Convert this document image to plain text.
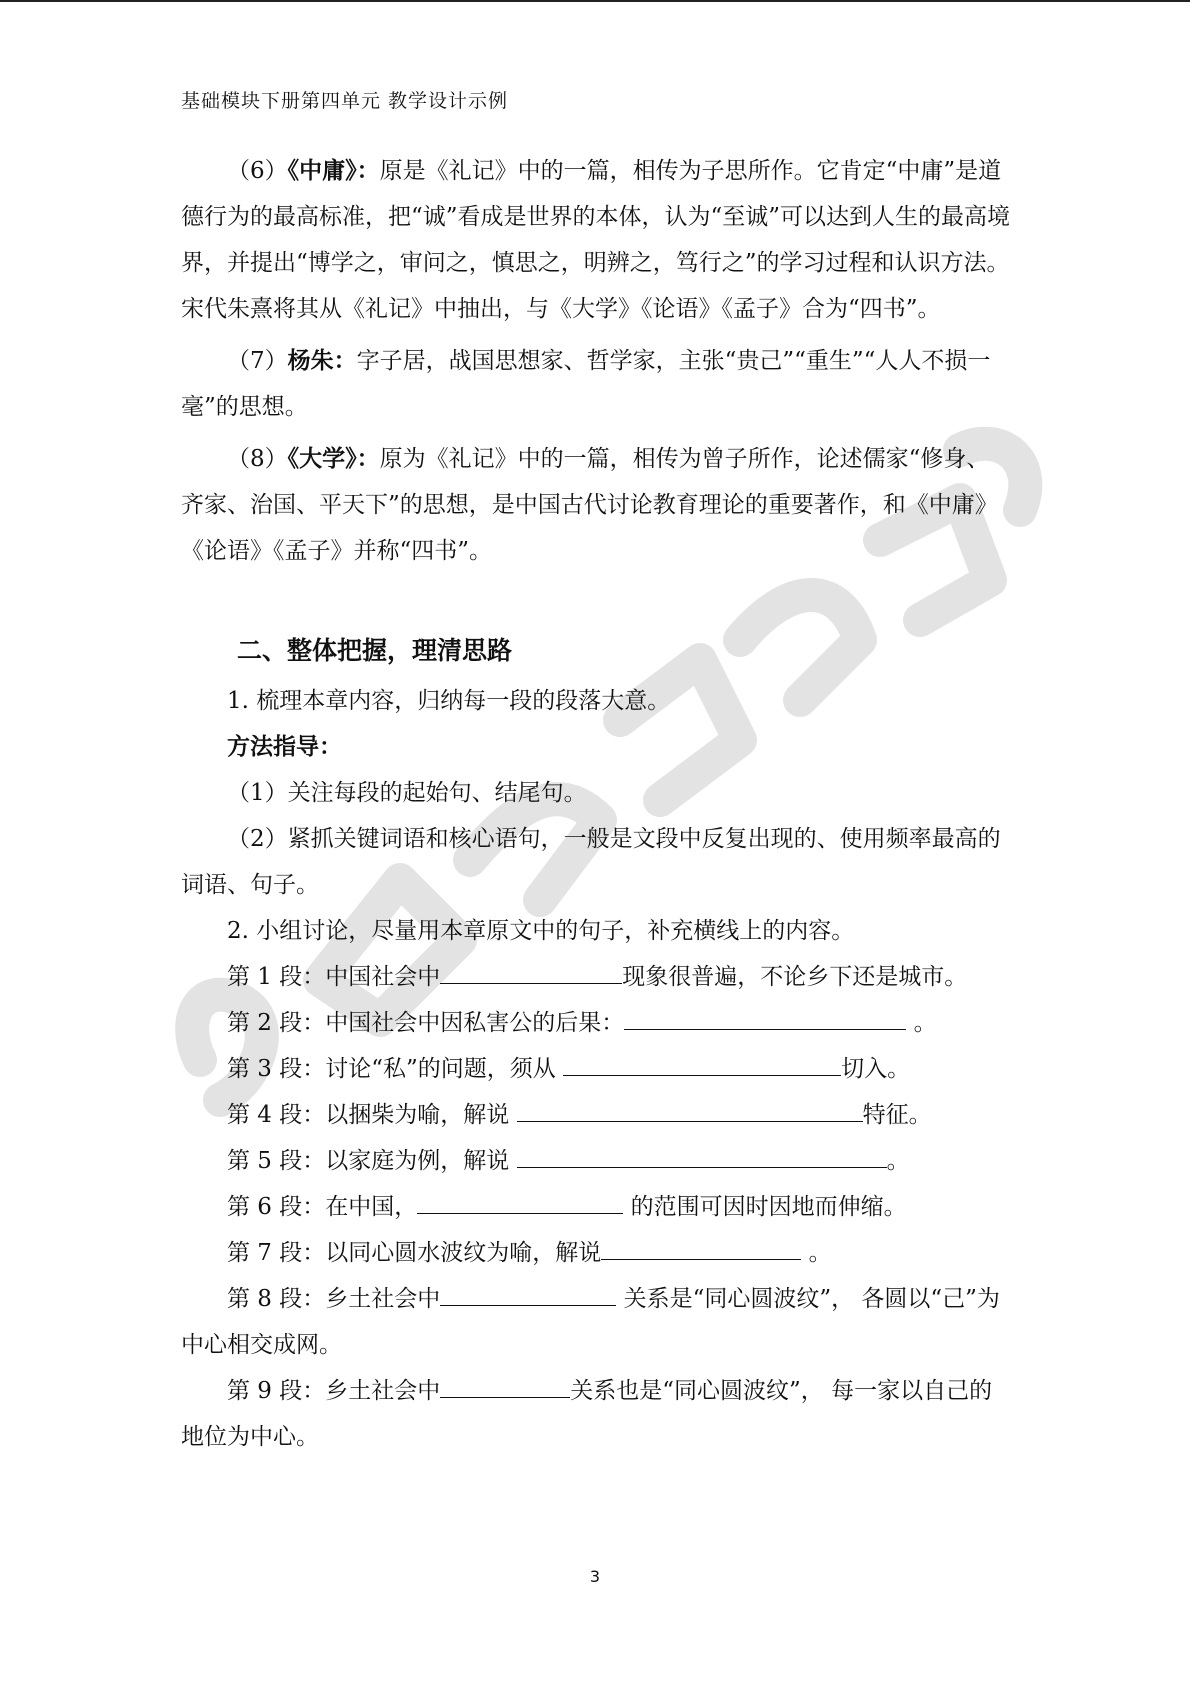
基础模块下册第四单元 教学设计示例

（6）《中庸》：原是《礼记》中的一篇，相传为子思所作。它肯定“中庸”是道德行为的最高标准，把“诚”看成是世界的本体，认为“至诚”可以达到人生的最高境界，并提出“博学之，审问之，慎思之，明辨之，笃行之”的学习过程和认识方法。宋代朱熹将其从《礼记》中抽出，与《大学》《论语》《孟子》合为“四书”。

（7）杨朱：字子居，战国思想家、哲学家，主张“贵己”“重生”“人人不损一毫”的思想。

（8）《大学》：原为《礼记》中的一篇，相传为曾子所作，论述儒家“修身、齐家、治国、平天下”的思想，是中国古代讨论教育理论的重要著作，和《中庸》《论语》《孟子》并称“四书”。

二、整体把握，理清思路

1. 梳理本章内容，归纳每一段的段落大意。

方法指导：

（1）关注每段的起始句、结尾句。

（2）紧抓关键词语和核心语句，一般是文段中反复出现的、使用频率最高的词语、句子。

2. 小组讨论，尽量用本章原文中的句子，补充横线上的内容。

第 1 段：中国社会中	现象很普遍，不论乡下还是城市。

第 2 段：中国社会中因私害公的后果：	。

第 3 段：讨论“私”的问题，须从	切入。

第 4 段：以捆柴为喻，解说	特征。

第 5 段：以家庭为例，解说	。

第 6 段：在中国，	的范围可因时因地而伸缩。

第 7 段：以同心圆水波纹为喻，解说	。

第 8 段：乡土社会中	关系是“同心圆波纹”， 各圆以“己”为中心相交成网。

第 9 段：乡土社会中	关系也是“同心圆波纹”， 每一家以自己的地位为中心。

3
